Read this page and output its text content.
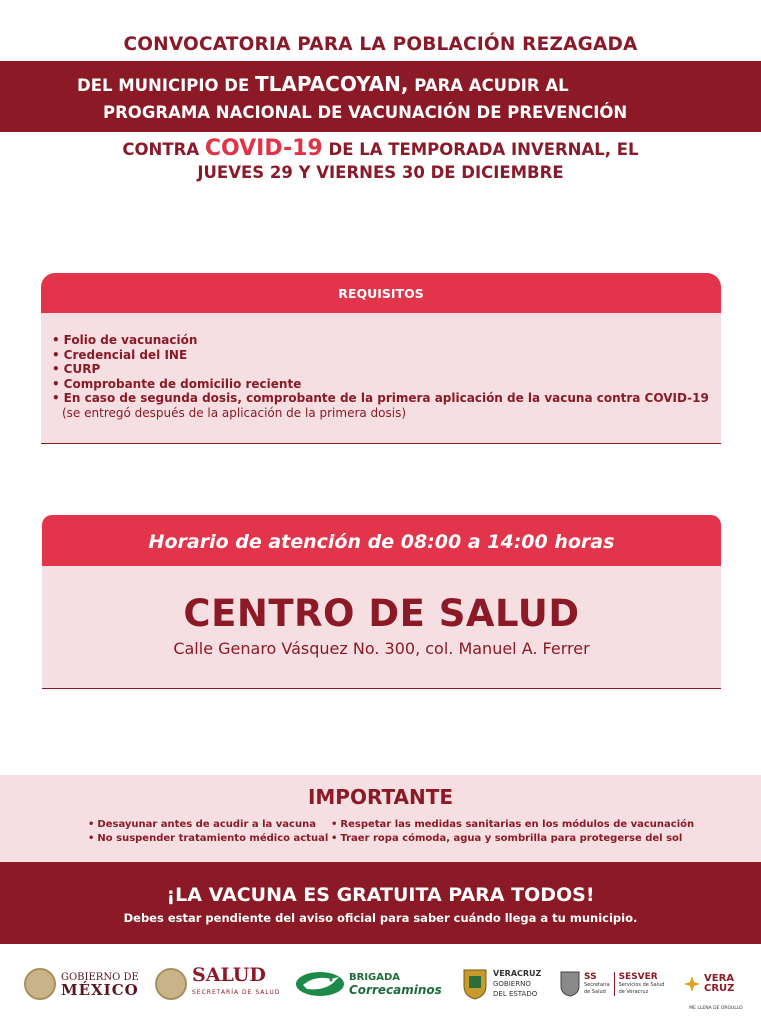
CONVOCATORIA PARA LA POBLACIÓN REZAGADA
DEL MUNICIPIO DE TLAPACOYAN, PARA ACUDIR AL
PROGRAMA NACIONAL DE VACUNACIÓN DE PREVENCIÓN
CONTRA COVID-19 DE LA TEMPORADA INVERNAL, EL
JUEVES 29 Y VIERNES 30 DE DICIEMBRE
REQUISITOS
• Folio de vacunación
• Credencial del INE
• CURP
• Comprobante de domicilio reciente
• En caso de segunda dosis, comprobante de la primera aplicación de la vacuna contra COVID-19
(se entregó después de la aplicación de la primera dosis)
Horario de atención de 08:00 a 14:00 horas
CENTRO DE SALUD
Calle Genaro Vásquez No. 300, col. Manuel A. Ferrer
IMPORTANTE
• Desayunar antes de acudir a la vacuna
• No suspender tratamiento médico actual
• Respetar las medidas sanitarias en los módulos de vacunación
• Traer ropa cómoda, agua y sombrilla para protegerse del sol
¡LA VACUNA ES GRATUITA PARA TODOS!
Debes estar pendiente del aviso oficial para saber cuándo llega a tu municipio.
GOBIERNO DE
MÉXICO
SALUD
SECRETARÍA DE SALUD
BRIGADA
Correcaminos
VERACRUZ
GOBIERNO
DEL ESTADO
SS
Secretaría
de Salud
SESVER
Servicios de Salud
de Veracruz
VERA
CRUZ
ME LLENA DE ORGULLO
